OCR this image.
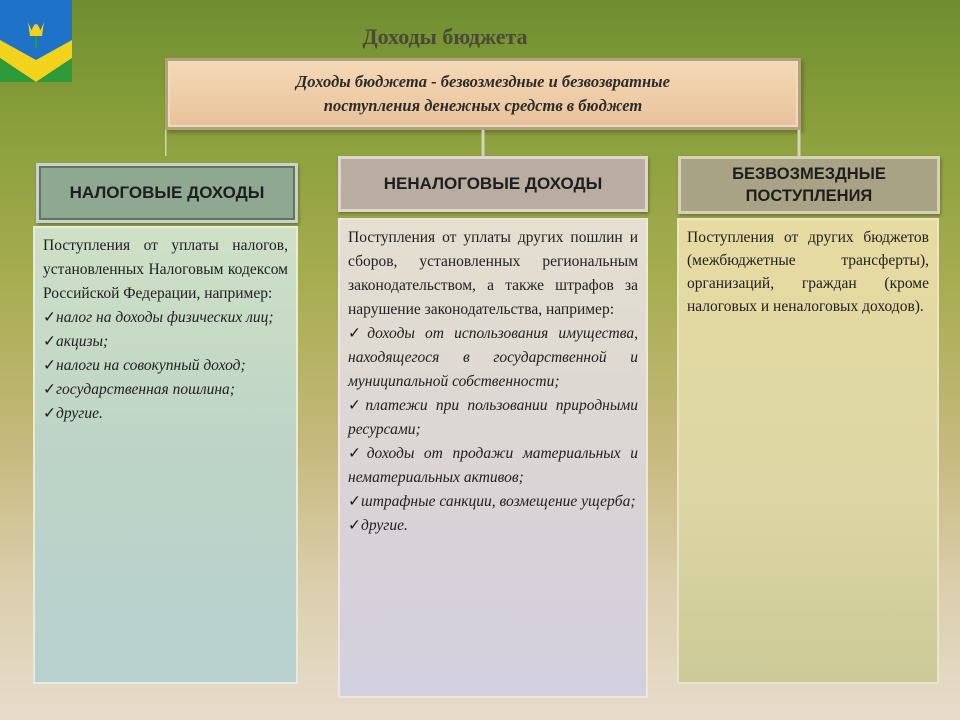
Доходы бюджета
Доходы бюджета - безвозмездные и безвозвратные
поступления денежных средств в бюджет
НАЛОГОВЫЕ ДОХОДЫ	НЕНАЛОГОВЫЕ ДОХОДЫ	БЕЗВОЗМЕЗДНЫЕ
ПОСТУПЛЕНИЯ
Поступления от уплаты налогов, установленных Налоговым кодексом Российской Федерации, например:
✓налог на доходы физических лиц;
✓акцизы;
✓налоги на совокупный доход;
✓государственная пошлина;
✓другие.
Поступления от уплаты других пошлин и сборов, установленных региональным законодательством, а также штрафов за нарушение законодательства, например:
✓доходы от использования имущества, находящегося в государственной и муниципальной собственности;
✓платежи при пользовании природными ресурсами;
✓доходы от продажи материальных и нематериальных активов;
✓штрафные санкции, возмещение ущерба;
✓другие.
Поступления от других бюджетов (межбюджетные трансферты), организаций, граждан (кроме налоговых и неналоговых доходов).
